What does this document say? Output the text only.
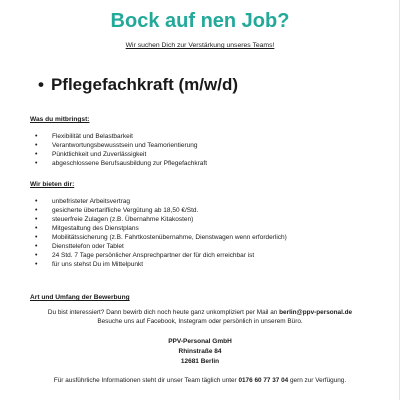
Bock auf nen Job?
Wir suchen Dich zur Verstärkung unseres Teams!
• Pflegefachkraft (m/w/d)
Was du mitbringst:
• Flexibilität und Belastbarkeit
• Verantwortungsbewusstsein und Teamorientierung
• Pünktlichkeit und Zuverlässigkeit
• abgeschlossene Berufsausbildung zur Pflegefachkraft
Wir bieten dir:
• unbefristeter Arbeitsvertrag
• gesicherte übertarifliche Vergütung ab 18,50 €/Std.
• steuerfreie Zulagen (z.B. Übernahme Kitakosten)
• Mitgestaltung des Dienstplans
• Mobilitätssicherung (z.B. Fahrtkostenübernahme, Dienstwagen wenn erforderlich)
• Diensttelefon oder Tablet
• 24 Std. 7 Tage persönlicher Ansprechpartner der für dich erreichbar ist
• für uns stehst Du im Mittelpunkt
Art und Umfang der Bewerbung
Du bist interessiert? Dann bewirb dich noch heute ganz unkompliziert per Mail an berlin@ppv-personal.de
Besuche uns auf Facebook, Instegram oder persönlich in unserem Büro.
PPV-Personal GmbH
Rhinstraße 84
12681 Berlin
Für ausführliche Informationen steht dir unser Team täglich unter 0176 60 77 37 04 gern zur Verfügung.
